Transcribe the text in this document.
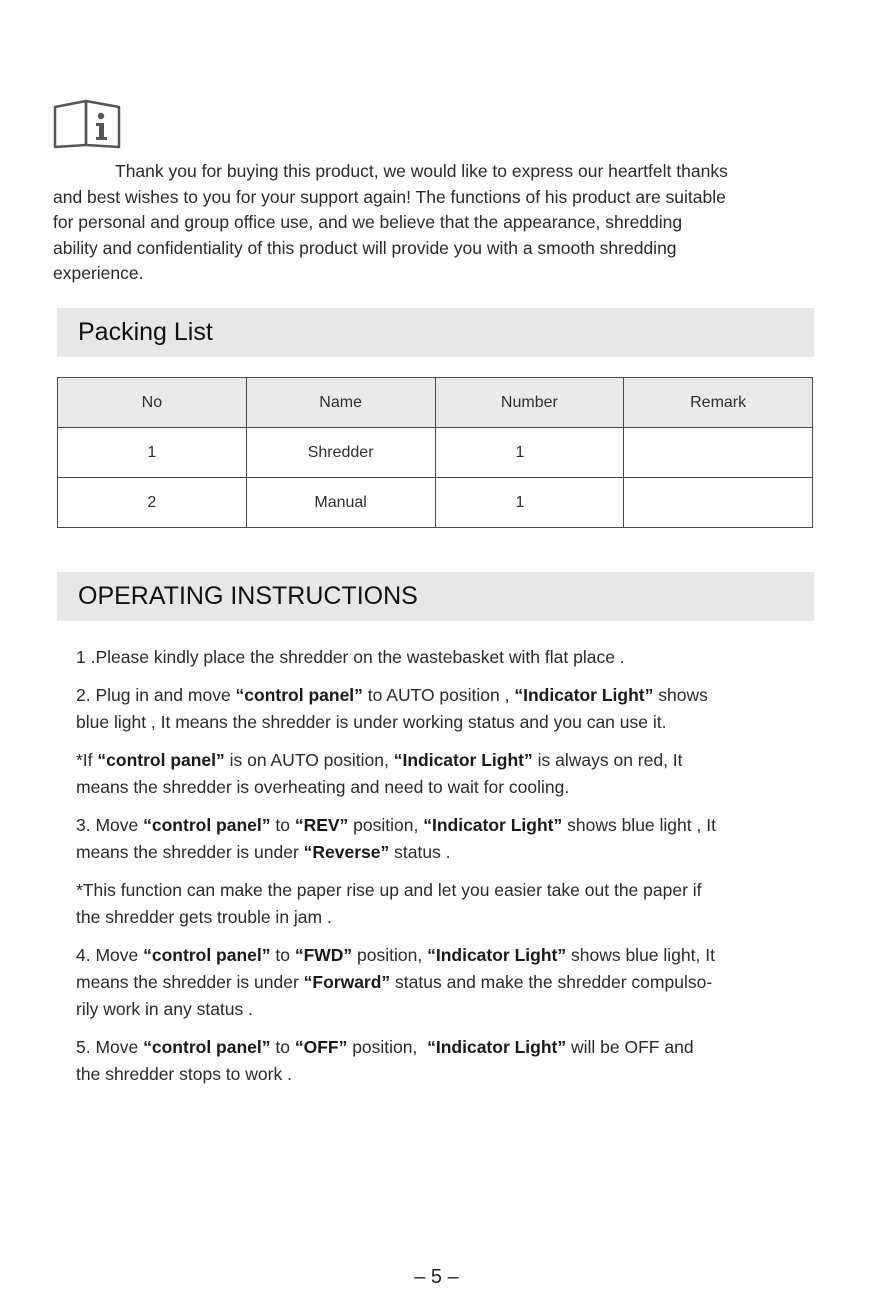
Thank you for buying this product, we would like to express our heartfelt thanks
and best wishes to you for your support again! The functions of his product are suitable
for personal and group office use, and we believe that the appearance, shredding
ability and confidentiality of this product will provide you with a smooth shredding
experience.
Packing List
No	Name	Number	Remark
1	Shredder	1	
2	Manual	1	
OPERATING INSTRUCTIONS

1 .Please kindly place the shredder on the wastebasket with flat place .

2. Plug in and move “control panel” to AUTO position , “Indicator Light” shows
blue light , It means the shredder is under working status and you can use it.

*If “control panel” is on AUTO position, “Indicator Light” is always on red, It
means the shredder is overheating and need to wait for cooling.

3. Move “control panel” to “REV” position, “Indicator Light” shows blue light , It
means the shredder is under “Reverse” status .

*This function can make the paper rise up and let you easier take out the paper if
the shredder gets trouble in jam .

4. Move “control panel” to “FWD” position, “Indicator Light” shows blue light, It
means the shredder is under “Forward” status and make the shredder compulso-
rily work in any status .

5. Move “control panel” to “OFF” position,  “Indicator Light” will be OFF and
the shredder stops to work .

– 5 –
